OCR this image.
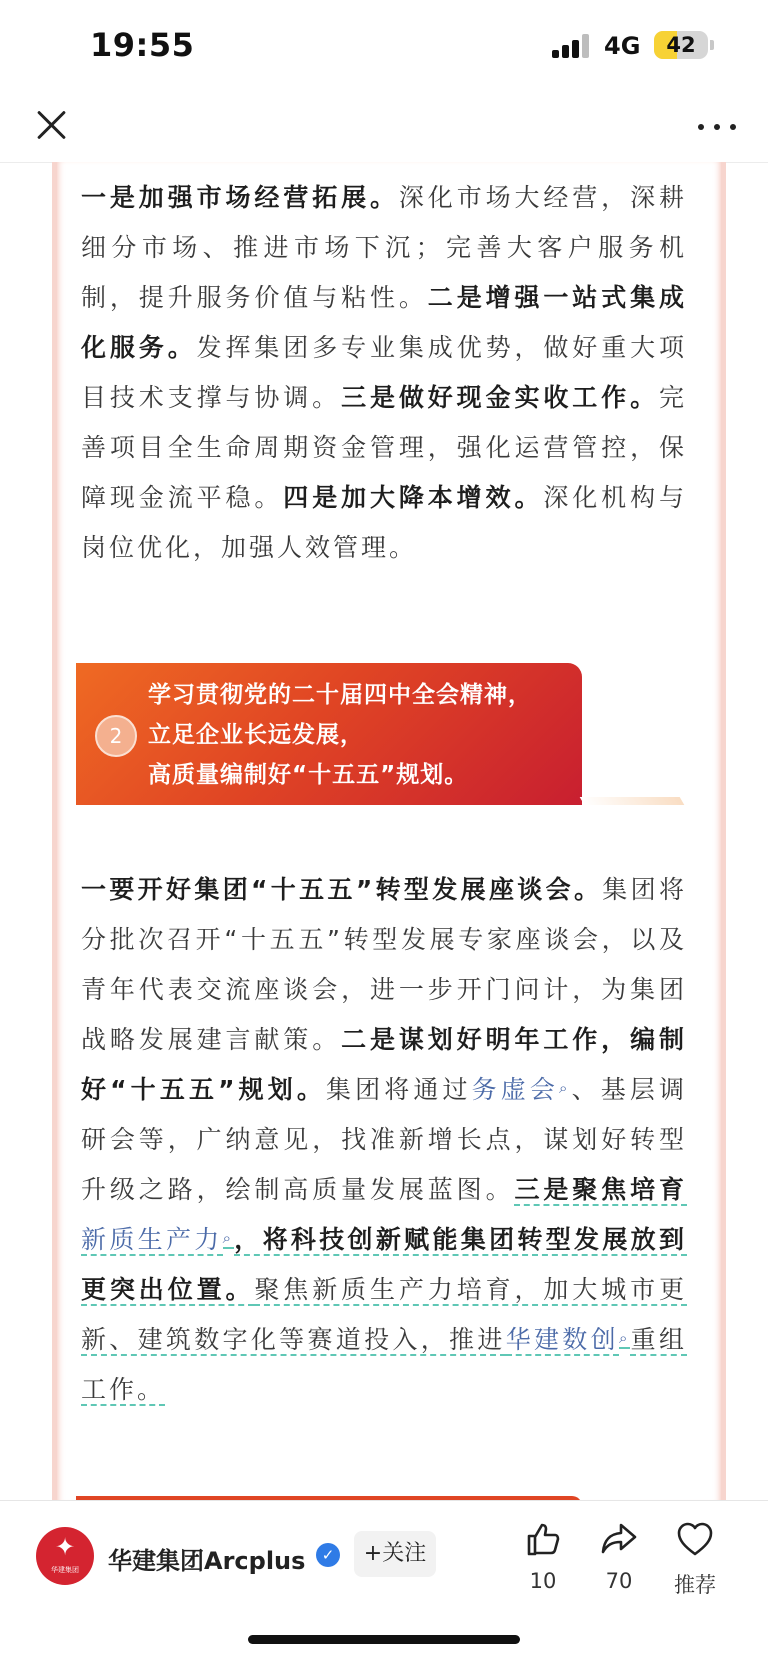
19:55	4G	42
一是加强市场经营拓展。深化市场大经营，深耕细分市场、推进市场下沉；完善大客户服务机制，提升服务价值与粘性。二是增强一站式集成化服务。发挥集团多专业集成优势，做好重大项目技术支撑与协调。三是做好现金实收工作。完善项目全生命周期资金管理，强化运营管控，保障现金流平稳。四是加大降本增效。深化机构与岗位优化，加强人效管理。
2
学习贯彻党的二十届四中全会精神，
立足企业长远发展，
高质量编制好“十五五”规划。
一要开好集团“十五五”转型发展座谈会。集团将分批次召开“十五五”转型发展专家座谈会，以及青年代表交流座谈会，进一步开门问计，为集团战略发展建言献策。二是谋划好明年工作，编制好“十五五”规划。集团将通过务虚会⌕、基层调研会等，广纳意见，找准新增长点，谋划好转型升级之路，绘制高质量发展蓝图。三是聚焦培育新质生产力⌕，将科技创新赋能集团转型发展放到更突出位置。聚焦新质生产力培育，加大城市更新、建筑数字化等赛道投入，推进华建数创⌕重组工作。
✦
华建集团	华建集团Arcplus	✓	+关注
10	70	推荐
